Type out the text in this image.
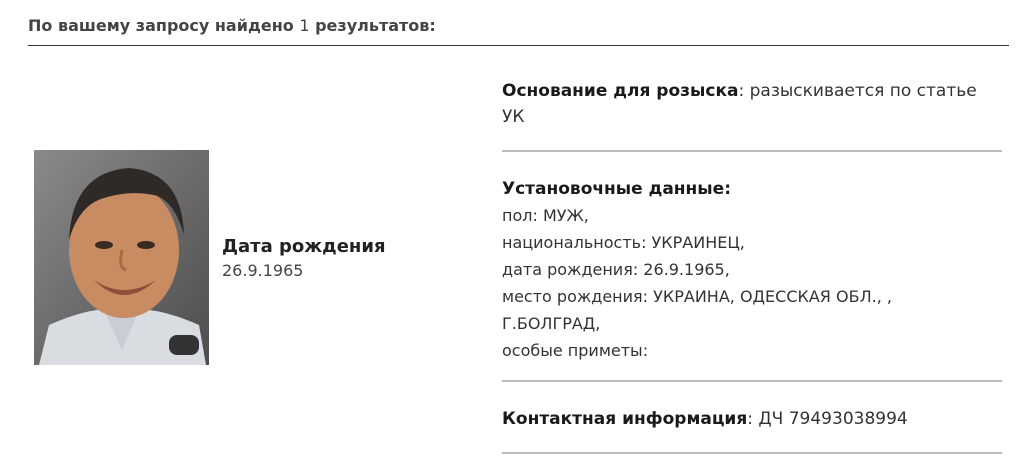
По вашему запросу найдено 1 результатов:
Дата рождения
26.9.1965
Основание для розыска: разыскивается по статье УК
Установочные данные:
пол: МУЖ,
национальность: УКРАИНЕЦ,
дата рождения: 26.9.1965,
место рождения: УКРАИНА, ОДЕССКАЯ ОБЛ., ,
Г.БОЛГРАД,
особые приметы:
Контактная информация: ДЧ 79493038994
